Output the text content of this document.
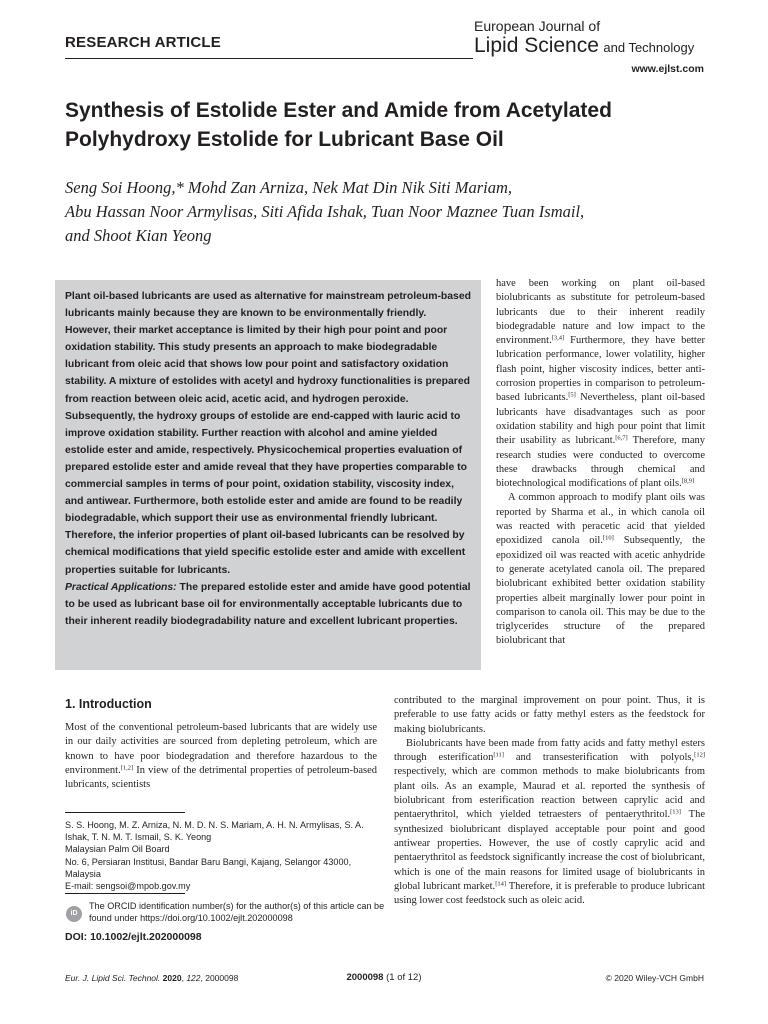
RESEARCH ARTICLE
European Journal of
Lipid Science and Technology
www.ejlst.com
Synthesis of Estolide Ester and Amide from Acetylated Polyhydroxy Estolide for Lubricant Base Oil
Seng Soi Hoong,* Mohd Zan Arniza, Nek Mat Din Nik Siti Mariam,
Abu Hassan Noor Armylisas, Siti Afida Ishak, Tuan Noor Maznee Tuan Ismail,
and Shoot Kian Yeong

Plant oil-based lubricants are used as alternative for mainstream petroleum-based lubricants mainly because they are known to be environmentally friendly. However, their market acceptance is limited by their high pour point and poor oxidation stability. This study presents an approach to make biodegradable lubricant from oleic acid that shows low pour point and satisfactory oxidation stability. A mixture of estolides with acetyl and hydroxy functionalities is prepared from reaction between oleic acid, acetic acid, and hydrogen peroxide. Subsequently, the hydroxy groups of estolide are end-capped with lauric acid to improve oxidation stability. Further reaction with alcohol and amine yielded estolide ester and amide, respectively. Physicochemical properties evaluation of prepared estolide ester and amide reveal that they have properties comparable to commercial samples in terms of pour point, oxidation stability, viscosity index, and antiwear. Furthermore, both estolide ester and amide are found to be readily biodegradable, which support their use as environmental friendly lubricant. Therefore, the inferior properties of plant oil-based lubricants can be resolved by chemical modifications that yield specific estolide ester and amide with excellent properties suitable for lubricants.

Practical Applications: The prepared estolide ester and amide have good potential to be used as lubricant base oil for environmentally acceptable lubricants due to their inherent readily biodegradability nature and excellent lubricant properties.

have been working on plant oil-based biolubricants as substitute for petroleum-based lubricants due to their inherent readily biodegradable nature and low impact to the environment.[3,4] Furthermore, they have better lubrication performance, lower volatility, higher flash point, higher viscosity indices, better anti-corrosion properties in comparison to petroleum-based lubricants.[5] Nevertheless, plant oil-based lubricants have disadvantages such as poor oxidation stability and high pour point that limit their usability as lubricant.[6,7] Therefore, many research studies were conducted to overcome these drawbacks through chemical and biotechnological modifications of plant oils.[8,9]

A common approach to modify plant oils was reported by Sharma et al., in which canola oil was reacted with peracetic acid that yielded epoxidized canola oil.[10] Subsequently, the epoxidized oil was reacted with acetic anhydride to generate acetylated canola oil. The prepared biolubricant exhibited better oxidation stability properties albeit marginally lower pour point in comparison to canola oil. This may be due to the triglycerides structure of the prepared biolubricant that

1. Introduction
Most of the conventional petroleum-based lubricants that are widely use in our daily activities are sourced from depleting petroleum, which are known to have poor biodegradation and therefore hazardous to the environment.[1,2] In view of the detrimental properties of petroleum-based lubricants, scientists

contributed to the marginal improvement on pour point. Thus, it is preferable to use fatty acids or fatty methyl esters as the feedstock for making biolubricants.

Biolubricants have been made from fatty acids and fatty methyl esters through esterification[11] and transesterification with polyols,[12] respectively, which are common methods to make biolubricants from plant oils. As an example, Maurad et al. reported the synthesis of biolubricant from esterification reaction between caprylic acid and pentaerythritol, which yielded tetraesters of pentaerythritol.[13] The synthesized biolubricant displayed acceptable pour point and good antiwear properties. However, the use of costly caprylic acid and pentaerythritol as feedstock significantly increase the cost of biolubricant, which is one of the main reasons for limited usage of biolubricants in global lubricant market.[14] Therefore, it is preferable to produce lubricant using lower cost feedstock such as oleic acid.

S. S. Hoong, M. Z. Arniza, N. M. D. N. S. Mariam, A. H. N. Armylisas, S. A. Ishak, T. N. M. T. Ismail, S. K. Yeong
Malaysian Palm Oil Board
No. 6, Persiaran Institusi, Bandar Baru Bangi, Kajang, Selangor 43000,
Malaysia
E-mail: sengsoi@mpob.gov.my
iD
The ORCID identification number(s) for the author(s) of this article can be found under https://doi.org/10.1002/ejlt.202000098
DOI: 10.1002/ejlt.202000098
Eur. J. Lipid Sci. Technol. 2020, 122, 2000098	2000098 (1 of 12)	© 2020 Wiley-VCH GmbH
